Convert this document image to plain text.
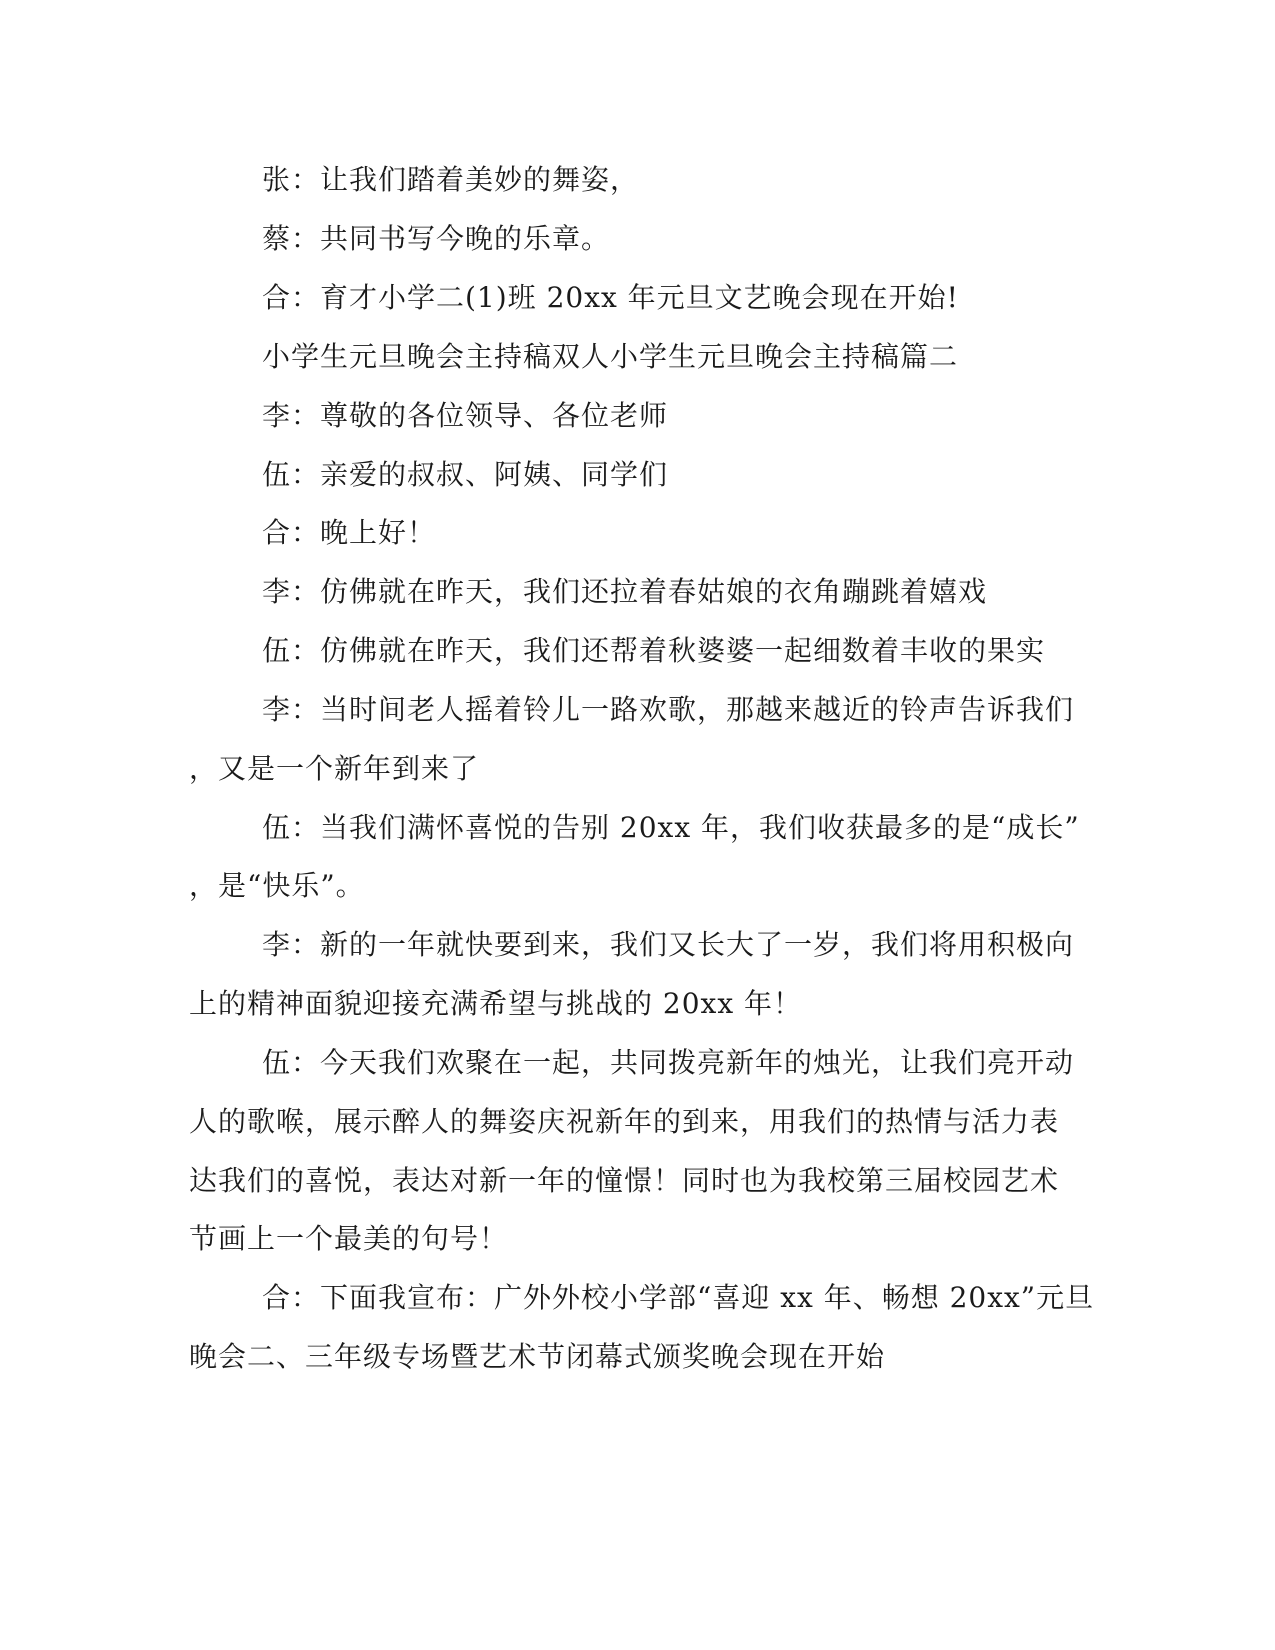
张：让我们踏着美妙的舞姿，
蔡：共同书写今晚的乐章。
合：育才小学二(1)班 20xx 年元旦文艺晚会现在开始!
小学生元旦晚会主持稿双人小学生元旦晚会主持稿篇二
李：尊敬的各位领导、各位老师
伍：亲爱的叔叔、阿姨、同学们
合：晚上好！
李：仿佛就在昨天，我们还拉着春姑娘的衣角蹦跳着嬉戏
伍：仿佛就在昨天，我们还帮着秋婆婆一起细数着丰收的果实
李：当时间老人摇着铃儿一路欢歌，那越来越近的铃声告诉我们
，又是一个新年到来了
伍：当我们满怀喜悦的告别 20xx 年，我们收获最多的是“成长”
，是“快乐”。
李：新的一年就快要到来，我们又长大了一岁，我们将用积极向
上的精神面貌迎接充满希望与挑战的 20xx 年！
伍：今天我们欢聚在一起，共同拨亮新年的烛光，让我们亮开动
人的歌喉，展示醉人的舞姿庆祝新年的到来，用我们的热情与活力表
达我们的喜悦，表达对新一年的憧憬！同时也为我校第三届校园艺术
节画上一个最美的句号！
合：下面我宣布：广外外校小学部“喜迎 xx 年、畅想 20xx”元旦
晚会二、三年级专场暨艺术节闭幕式颁奖晚会现在开始
